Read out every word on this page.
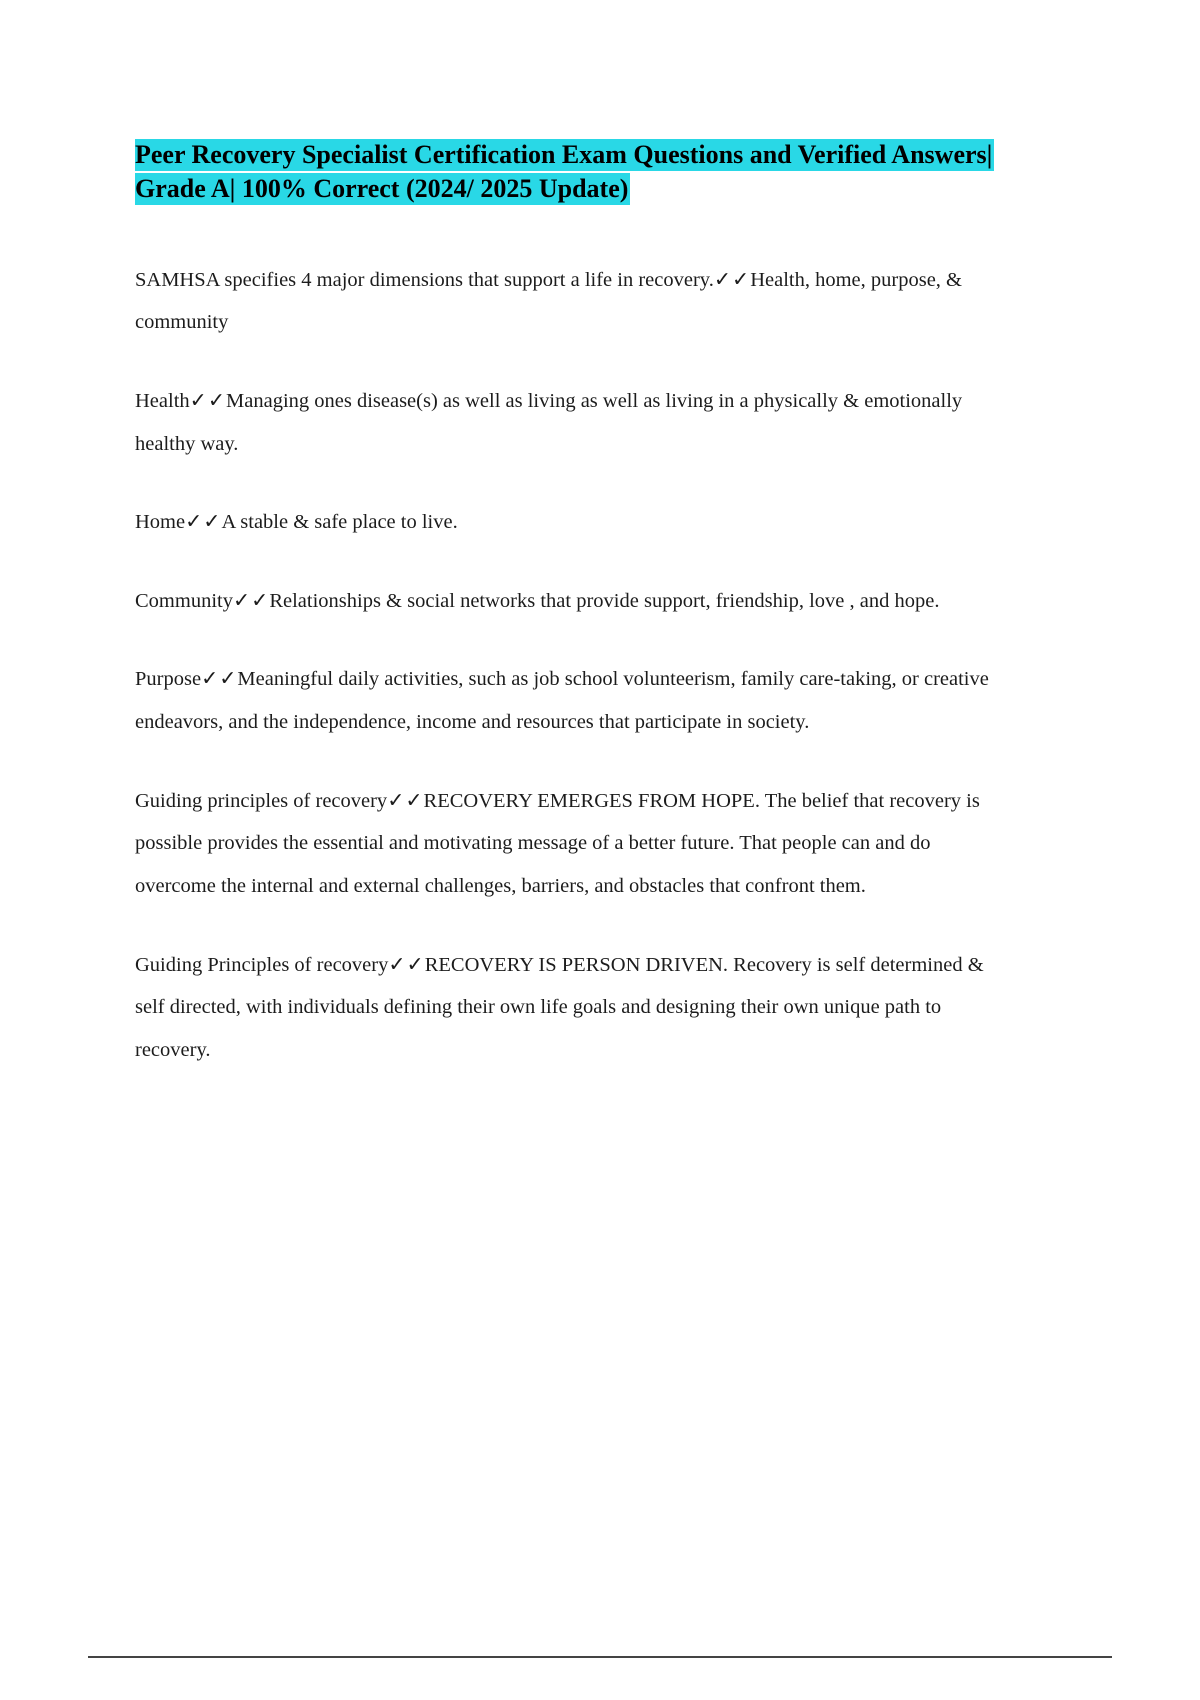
Peer Recovery Specialist Certification Exam Questions and Verified Answers| Grade A| 100% Correct (2024/ 2025 Update)

SAMHSA specifies 4 major dimensions that support a life in recovery.✓✓Health, home, purpose, & community

Health✓✓Managing ones disease(s) as well as living as well as living in a physically & emotionally healthy way.

Home✓✓A stable & safe place to live.

Community✓✓Relationships & social networks that provide support, friendship, love , and hope.

Purpose✓✓Meaningful daily activities, such as job school volunteerism, family care-taking, or creative endeavors, and the independence, income and resources that participate in society.

Guiding principles of recovery✓✓RECOVERY EMERGES FROM HOPE. The belief that recovery is possible provides the essential and motivating message of a better future. That people can and do overcome the internal and external challenges, barriers, and obstacles that confront them.

Guiding Principles of recovery✓✓RECOVERY IS PERSON DRIVEN. Recovery is self determined & self directed, with individuals defining their own life goals and designing their own unique path to recovery.
